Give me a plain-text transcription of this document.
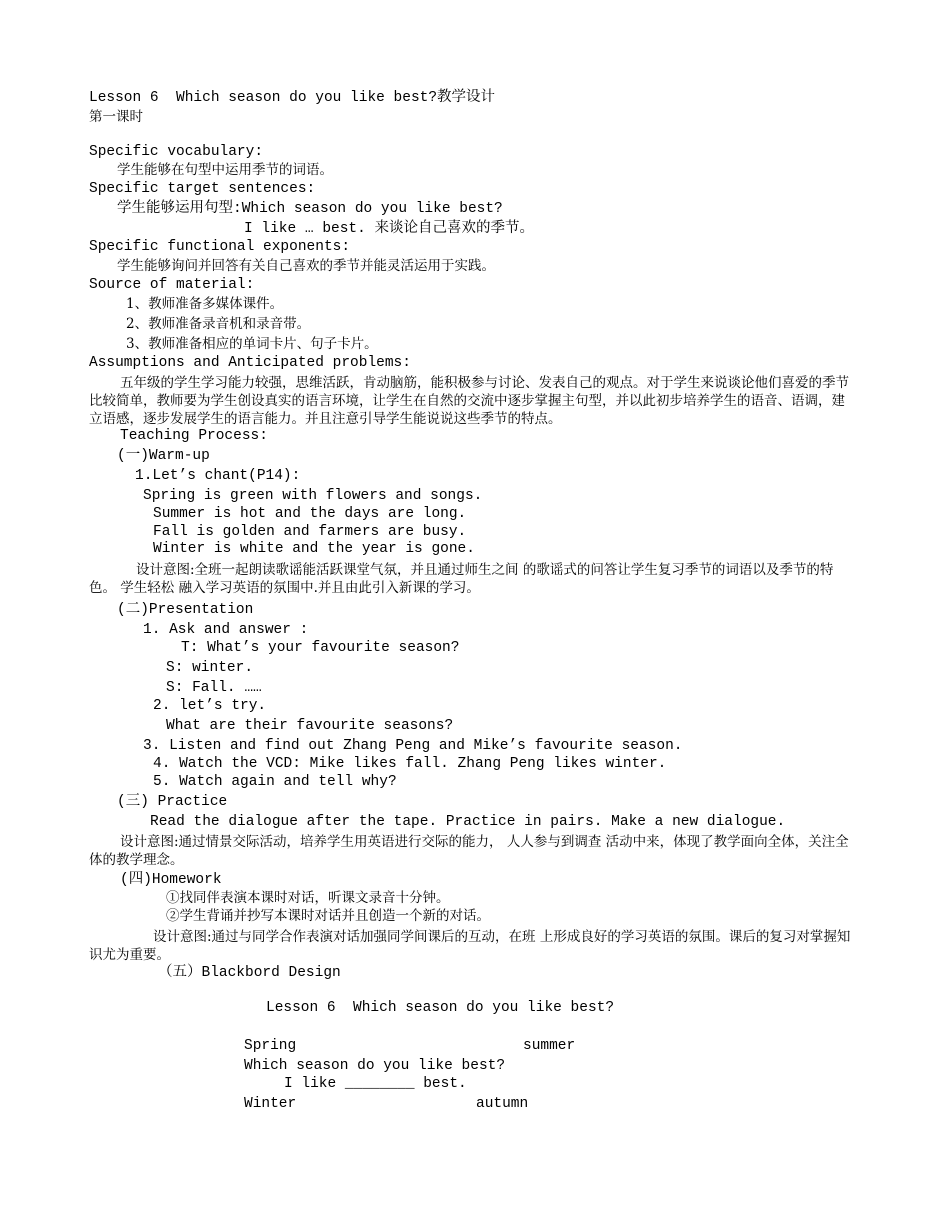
Lesson 6  Which season do you like best?教学设计
第一课时
Specific vocabulary:
学生能够在句型中运用季节的词语。
Specific target sentences:
学生能够运用句型:Which season do you like best?
I like … best. 来谈论自己喜欢的季节。
Specific functional exponents:
学生能够询问并回答有关自己喜欢的季节并能灵活运用于实践。
Source of material:
1、教师准备多媒体课件。
2、教师准备录音机和录音带。
3、教师准备相应的单词卡片、句子卡片。
Assumptions and Anticipated problems:
五年级的学生学习能力较强，思维活跃，肯动脑筋，能积极参与讨论、发表自己的观点。对于学生来说谈论他们喜爱的季节比较简单，教师要为学生创设真实的语言环境，让学生在自然的交流中逐步掌握主句型，并以此初步培养学生的语音、语调，建立语感，逐步发展学生的语言能力。并且注意引导学生能说说这些季节的特点。
Teaching Process:
(一)Warm-up
1.Let’s chant(P14):
Spring is green with flowers and songs.
Summer is hot and the days are long.
Fall is golden and farmers are busy.
Winter is white and the year is gone.
设计意图:全班一起朗读歌谣能活跃课堂气氛，并且通过师生之间 的歌谣式的问答让学生复习季节的词语以及季节的特色。 学生轻松 融入学习英语的氛围中.并且由此引入新课的学习。
(二)Presentation
1. Ask and answer :
T: What’s your favourite season?
S: winter.
S: Fall. ……
2. let’s try.
What are their favourite seasons?
3. Listen and find out Zhang Peng and Mike’s favourite season.
4. Watch the VCD: Mike likes fall. Zhang Peng likes winter.
5. Watch again and tell why?
(三) Practice
Read the dialogue after the tape. Practice in pairs. Make a new dialogue.
设计意图:通过情景交际活动，培养学生用英语进行交际的能力， 人人参与到调查 活动中来，体现了教学面向全体，关注全体的教学理念。
(四)Homework
①找同伴表演本课时对话，听课文录音十分钟。
②学生背诵并抄写本课时对话并且创造一个新的对话。
设计意图:通过与同学合作表演对话加强同学间课后的互动，在班 上形成良好的学习英语的氛围。课后的复习对掌握知识尤为重要。
（五）Blackbord Design
Lesson 6  Which season do you like best?
Spring	summer
Which season do you like best?
I like ________ best.
Winter	autumn
